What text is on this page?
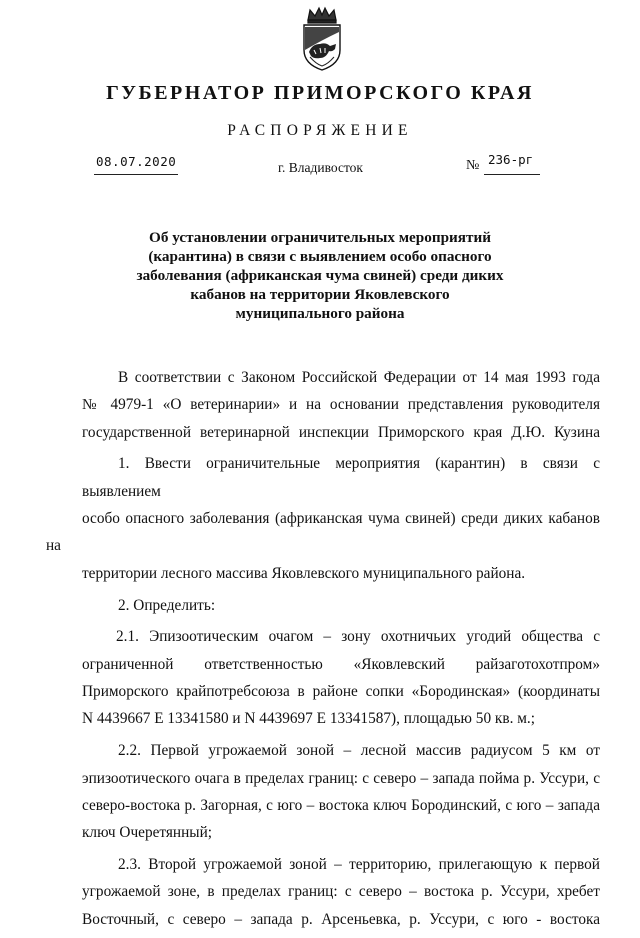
ГУБЕРНАТОР ПРИМОРСКОГО КРАЯ
РАСПОРЯЖЕНИЕ
08.07.2020	г. Владивосток	№ 236-рг
Об установлении ограничительных мероприятий
(карантина) в связи с выявлением особо опасного
заболевания (африканская чума свиней) среди диких
кабанов на территории Яковлевского
муниципального района

В соответствии с Законом Российской Федерации от 14 мая 1993 года
№ 4979-1 «О ветеринарии» и на основании представления руководителя
государственной ветеринарной инспекции Приморского края Д.Ю. Кузина

1. Ввести ограничительные мероприятия (карантин) в связи с выявлением
особо опасного заболевания (африканская чума свиней) среди диких кабанов на
территории лесного массива Яковлевского муниципального района.

2. Определить:

2.1. Эпизоотическим очагом – зону охотничьих угодий общества с
ограниченной ответственностью «Яковлевский райзаготохотпром»
Приморского крайпотребсоюза в районе сопки «Бородинская» (координаты
N 4439667 E 13341580 и N 4439697 E 13341587), площадью 50 кв. м.;

2.2. Первой угрожаемой зоной – лесной массив радиусом 5 км от
эпизоотического очага в пределах границ: с северо – запада пойма р. Уссури, с
северо-востока р. Загорная, с юго – востока ключ Бородинский, с юго – запада
ключ Очеретянный;

2.3. Второй угрожаемой зоной – территорию, прилегающую к первой
угрожаемой зоне, в пределах границ: с северо – востока р. Уссури, хребет
Восточный, с северо – запада р. Арсеньевка, р. Уссури, с юго - востока
